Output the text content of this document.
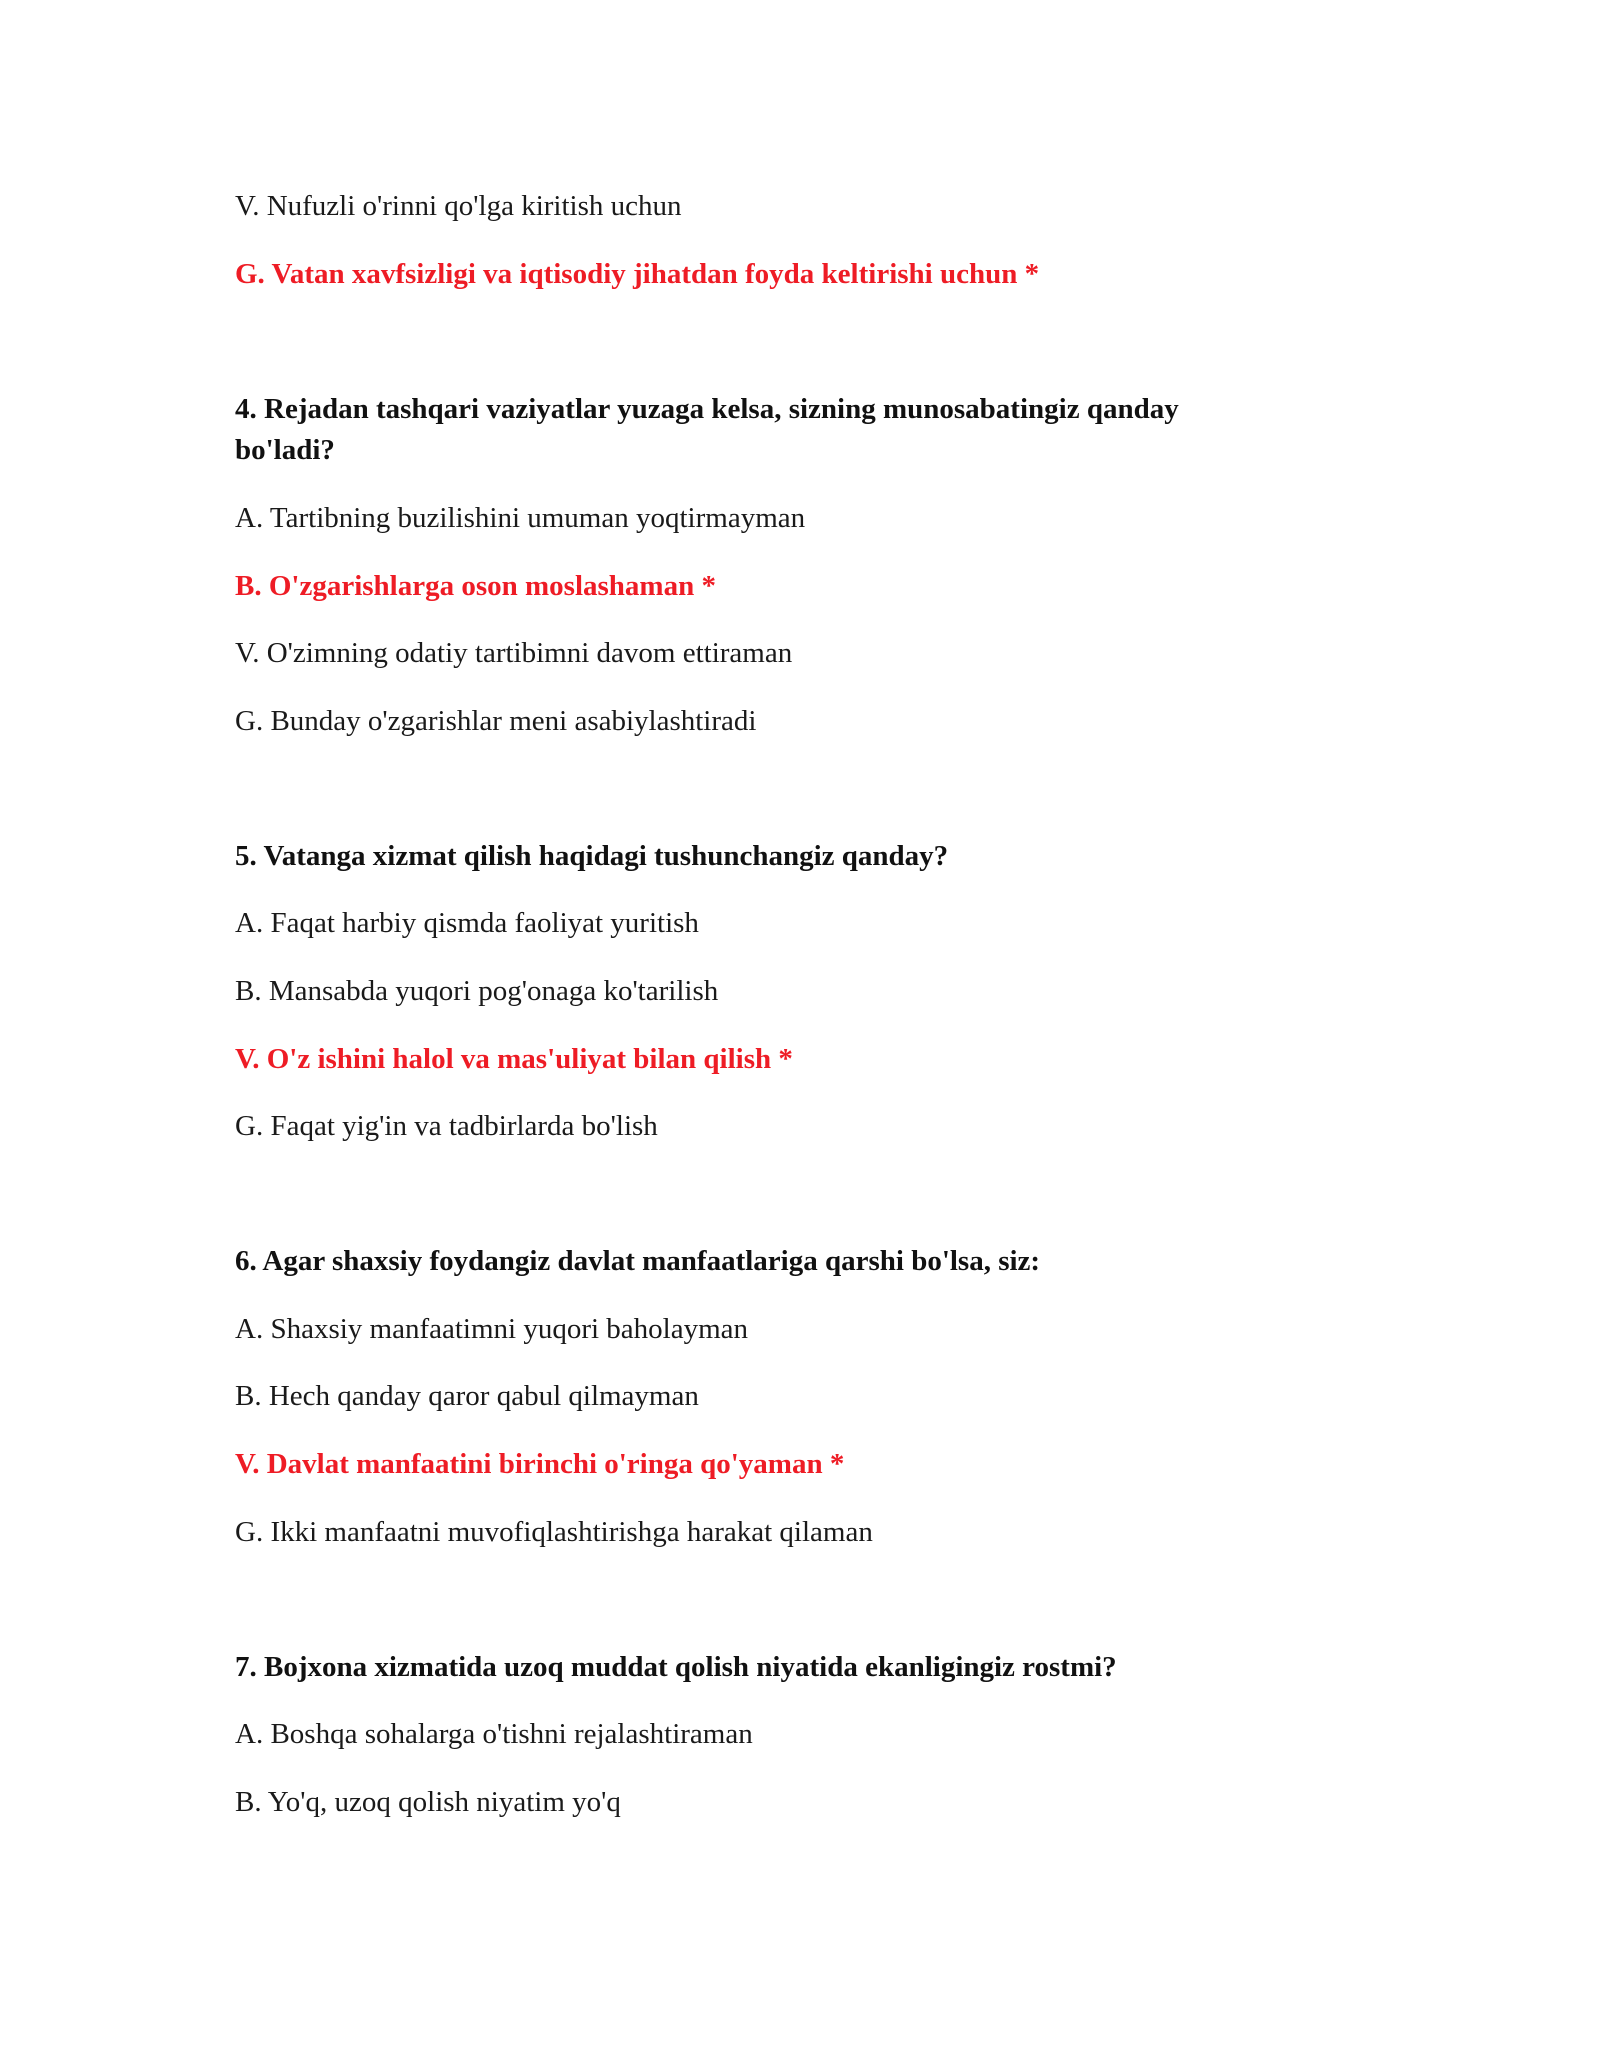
V. Nufuzli o'rinni qo'lga kiritish uchun

G. Vatan xavfsizligi va iqtisodiy jihatdan foyda keltirishi uchun *

4. Rejadan tashqari vaziyatlar yuzaga kelsa, sizning munosabatingiz qanday

bo'ladi?

A. Tartibning buzilishini umuman yoqtirmayman

B. O'zgarishlarga oson moslashaman *

V. O'zimning odatiy tartibimni davom ettiraman

G. Bunday o'zgarishlar meni asabiylashtiradi

5. Vatanga xizmat qilish haqidagi tushunchangiz qanday?

A. Faqat harbiy qismda faoliyat yuritish

B. Mansabda yuqori pog'onaga ko'tarilish

V. O'z ishini halol va mas'uliyat bilan qilish *

G. Faqat yig'in va tadbirlarda bo'lish

6. Agar shaxsiy foydangiz davlat manfaatlariga qarshi bo'lsa, siz:

A. Shaxsiy manfaatimni yuqori baholayman

B. Hech qanday qaror qabul qilmayman

V. Davlat manfaatini birinchi o'ringa qo'yaman *

G. Ikki manfaatni muvofiqlashtirishga harakat qilaman

7. Bojxona xizmatida uzoq muddat qolish niyatida ekanligingiz rostmi?

A. Boshqa sohalarga o'tishni rejalashtiraman

B. Yo'q, uzoq qolish niyatim yo'q
